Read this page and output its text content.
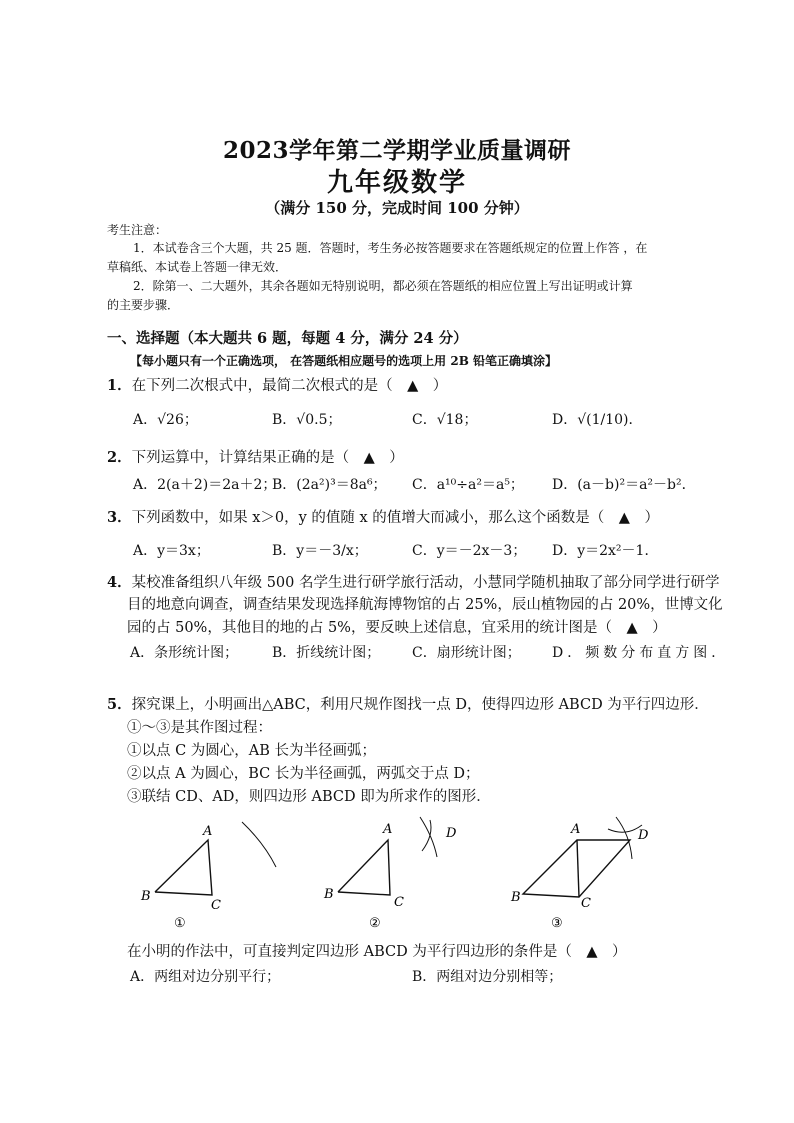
2023学年第二学期学业质量调研
九年级数学
（满分 150 分，完成时间 100 分钟）
考生注意：
1．本试卷含三个大题，共 25 题．答题时，考生务必按答题要求在答题纸规定的位置上作答 ，在
草稿纸、本试卷上答题一律无效．
2．除第一、二大题外，其余各题如无特别说明，都必须在答题纸的相应位置上写出证明或计算
的主要步骤．
一、选择题（本大题共 6 题，每题 4 分，满分 24 分）
【每小题只有一个正确选项， 在答题纸相应题号的选项上用 2B 铅笔正确填涂】
1．在下列二次根式中，最简二次根式的是（　▲　）
A．√26；	B．√0.5；	C．√18；	D．√(1/10)．
2．下列运算中，计算结果正确的是（　▲　）
A．2(a＋2)＝2a＋2；
B．(2a²)³＝8a⁶； C．a¹⁰÷a²＝a⁵； D．(a－b)²＝a²－b²．
3．下列函数中，如果 x＞0，y 的值随 x 的值增大而减小，那么这个函数是（　▲　）
A．y＝3x；	B．y＝－3/x；	C．y＝－2x－3； D．y＝2x²－1．
4．某校准备组织八年级 500 名学生进行研学旅行活动，小慧同学随机抽取了部分同学进行研学
目的地意向调查，调查结果发现选择航海博物馆的占 25%，辰山植物园的占 20%，世博文化
园的占 50%，其他目的地的占 5%，要反映上述信息，宜采用的统计图是（　▲　）
A．条形统计图； B．折线统计图； C．扇形统计图； D．频数分布直方图．
5．探究课上，小明画出△ABC，利用尺规作图找一点 D，使得四边形 ABCD 为平行四边形．
①～③是其作图过程：
①以点 C 为圆心，AB 长为半径画弧；
②以点 A 为圆心，BC 长为半径画弧，两弧交于点 D；
③联结 CD、AD，则四边形 ABCD 即为所求作的图形．
A
B
C
①
A
B
C
D
②
A
B	C
D
③
在小明的作法中，可直接判定四边形 ABCD 为平行四边形的条件是（　▲　）
A．两组对边分别平行；	B．两组对边分别相等；
